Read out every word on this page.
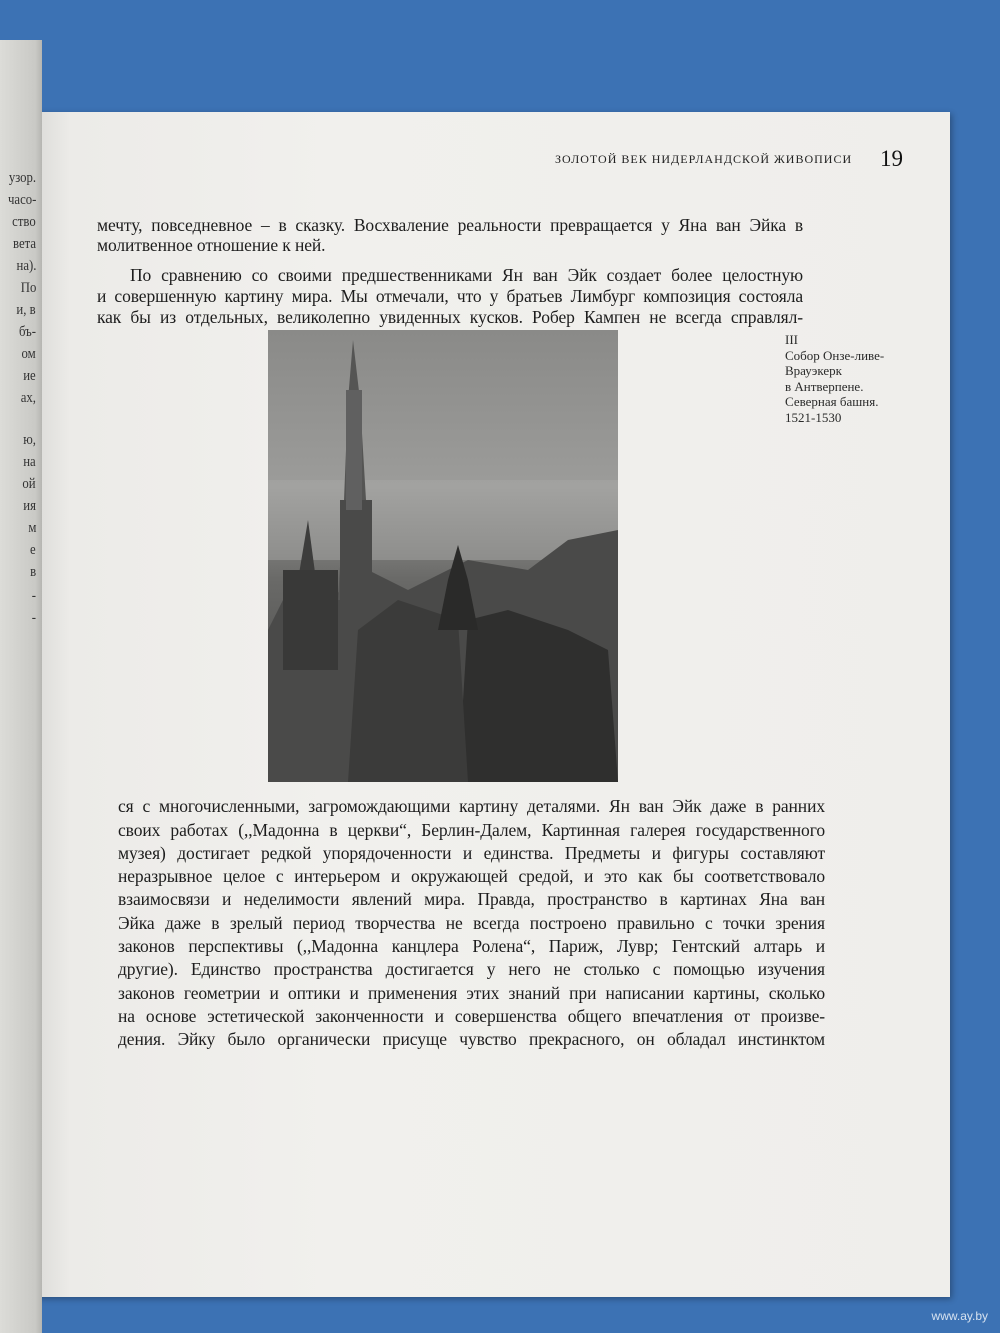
узор.
часо-
ство
вета
на).
По
и, в
бъ-
ом
ие
ах,
ю,
на
ой
ия
м
е
в
-
-
ЗОЛОТОЙ ВЕК НИДЕРЛАНДСКОЙ ЖИВОПИСИ 19
мечту, повседневное – в сказку. Восхваление реальности превращается у Яна ван Эйка в
молитвенное отношение к ней.
По сравнению со своими предшественниками Ян ван Эйк создает более целостную
и совершенную картину мира. Мы отмечали, что у братьев Лимбург композиция состояла
как бы из отдельных, великолепно увиденных кусков. Робер Кампен не всегда справлял-
III
Собор Онзе-ливе-
Врауэкерк
в Антверпене.
Северная башня.
1521-1530
ся с многочисленными, загромождающими картину деталями. Ян ван Эйк даже в ранних
своих работах (,,Мадонна в церкви“, Берлин-Далем, Картинная галерея государственного
музея) достигает редкой упорядоченности и единства. Предметы и фигуры составляют
неразрывное целое с интерьером и окружающей средой, и это как бы соответствовало
взаимосвязи и неделимости явлений мира. Правда, пространство в картинах Яна ван
Эйка даже в зрелый период творчества не всегда построено правильно с точки зрения
законов перспективы (,,Мадонна канцлера Ролена“, Париж, Лувр; Гентский алтарь и
другие). Единство пространства достигается у него не столько с помощью изучения
законов геометрии и оптики и применения этих знаний при написании картины, сколько
на основе эстетической законченности и совершенства общего впечатления от произве-
дения. Эйку было органически присуще чувство прекрасного, он обладал инстинктом
www.ay.by
